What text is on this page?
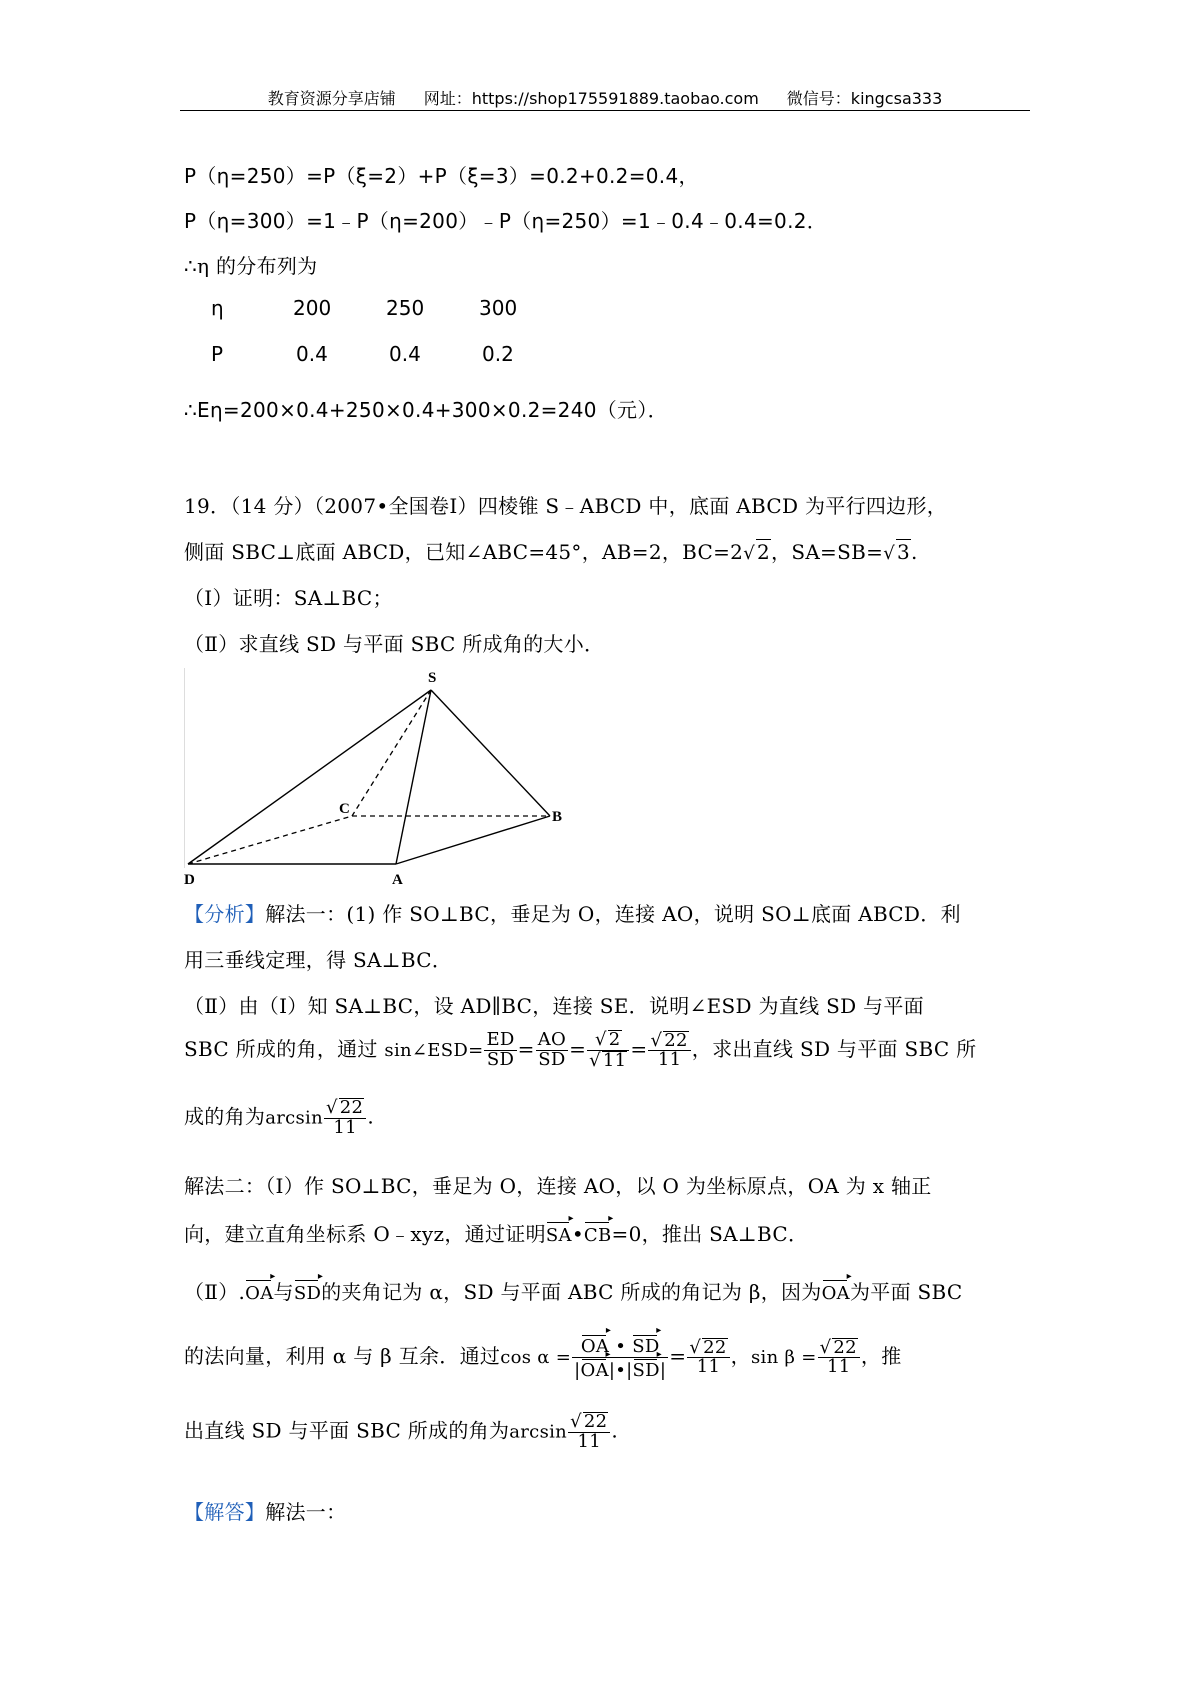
教育资源分享店铺 网址：https://shop175591889.taobao.com 微信号：kingcsa333
P（η=250）=P（ξ=2）+P（ξ=3）=0.2+0.2=0.4，
P（η=300）=1﹣P（η=200）﹣P（η=250）=1﹣0.4﹣0.4=0.2．
∴η 的分布列为
η	200	250	300
P	0.4	0.4	0.2
∴Eη=200×0.4+250×0.4+300×0.2=240（元）．
19．（14 分）（2007•全国卷Ⅰ）四棱锥 S﹣ABCD 中，底面 ABCD 为平行四边形，
侧面 SBC⊥底面 ABCD，已知∠ABC=45°，AB=2，BC=2√ 2，SA=SB=√ 3.
（Ⅰ）证明：SA⊥BC；
（Ⅱ）求直线 SD 与平面 SBC 所成角的大小．
S
C	B
D	A
【分析】解法一：(1) 作 SO⊥BC，垂足为 O，连接 AO，说明 SO⊥底面 ABCD．利
用三垂线定理，得 SA⊥BC．
（Ⅱ）由（Ⅰ）知 SA⊥BC，设 AD∥BC，连接 SE．说明∠ESD 为直线 SD 与平面
SBC 所成的角，通过 sin∠ESD= $\frac{ED}{SD} = \frac{AO}{SD} = \frac{√ 2}{√ 11} = \frac{√ 22}{11}$ ，求出直线 SD 与平面 SBC 所
成的角为$\arcsin \frac{√ 22}{11}$ .
解法二：（Ⅰ）作 SO⊥BC，垂足为 O，连接 AO，以 O 为坐标原点，OA 为 x 轴正
向，建立直角坐标系 O﹣xyz，通过证明SA ▸•CB ▸=0，推出 SA⊥BC．
（Ⅱ）.OA ▸与SD ▸的夹角记为 α，SD 与平面 ABC 所成的角记为 β，因为OA ▸为平面 SBC
的法向量，利用 α 与 β 互余．通过$\cos \alpha = \frac{OA ▸ • SD ▸}{|OA ▸|•|SD ▸|} = \frac{√ 22}{11}$ ，$\sin \beta = \frac{√ 22}{11}$ ，推
出直线 SD 与平面 SBC 所成的角为$\arcsin \frac{√ 22}{11}$ .
【解答】解法一：
